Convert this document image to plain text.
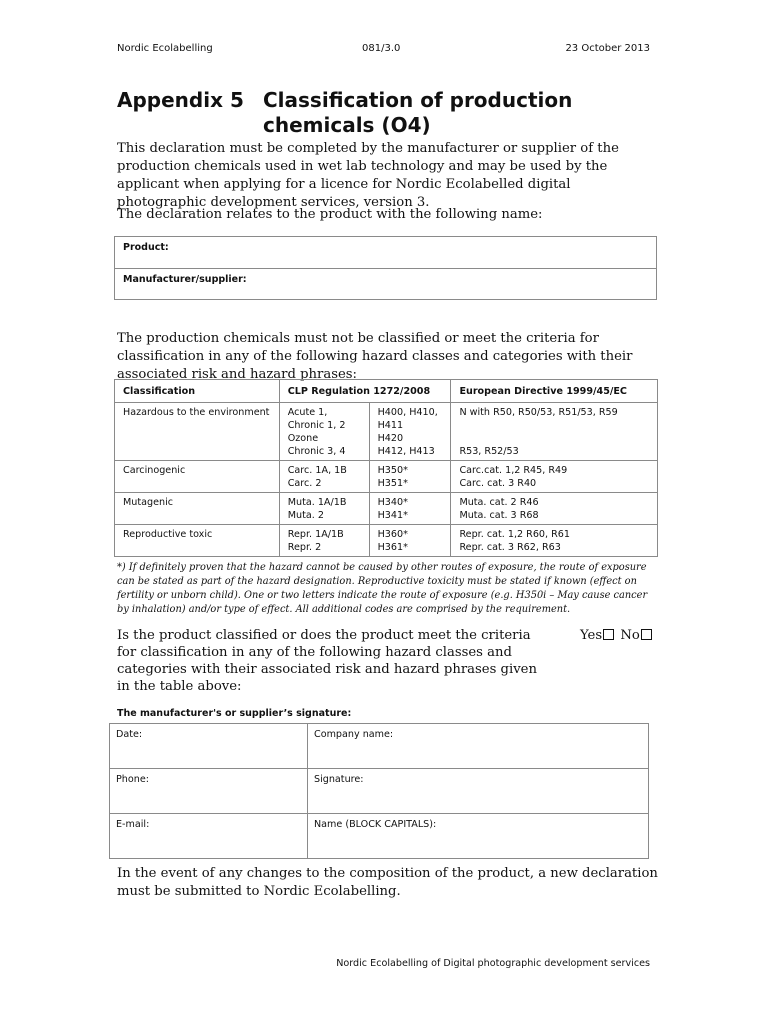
Nordic Ecolabelling	081/3.0	23 October 2013
Appendix 5 Classification of production chemicals (O4)
This declaration must be completed by the manufacturer or supplier of the production chemicals used in wet lab technology and may be used by the applicant when applying for a licence for Nordic Ecolabelled digital photographic development services, version 3.
The declaration relates to the product with the following name:
Product:
Manufacturer/supplier:
The production chemicals must not be classified or meet the criteria for classification in any of the following hazard classes and categories with their associated risk and hazard phrases:
Classification	CLP Regulation 1272/2008		European Directive 1999/45/EC
Hazardous to the environment	Acute 1,
Chronic 1, 2
Ozone
Chronic 3, 4	H400, H410,
H411
H420
H412, H413	N with R50, R50/53, R51/53, R59
R53, R52/53

Carcinogenic	Carc. 1A, 1B
Carc. 2	H350*
H351*	Carc.cat. 1,2 R45, R49
Carc. cat. 3 R40

Mutagenic	Muta. 1A/1B
Muta. 2	H340*
H341*	Muta. cat. 2 R46
Muta. cat. 3 R68

Reproductive toxic	Repr. 1A/1B
Repr. 2	H360*
H361*	Repr. cat. 1,2 R60, R61
Repr. cat. 3 R62, R63
*) If definitely proven that the hazard cannot be caused by other routes of exposure, the route of exposure can be stated as part of the hazard designation. Reproductive toxicity must be stated if known (effect on fertility or unborn child). One or two letters indicate the route of exposure (e.g. H350i – May cause cancer by inhalation) and/or type of effect. All additional codes are comprised by the requirement.
Is the product classified or does the product meet the criteria for classification in any of the following hazard classes and categories with their associated risk and hazard phrases given in the table above:
Yes No
The manufacturer's or supplier’s signature:
Date:	Company name:
Phone:	Signature:
E-mail:	Name (BLOCK CAPITALS):
In the event of any changes to the composition of the product, a new declaration must be submitted to Nordic Ecolabelling.
Nordic Ecolabelling of Digital photographic development services
